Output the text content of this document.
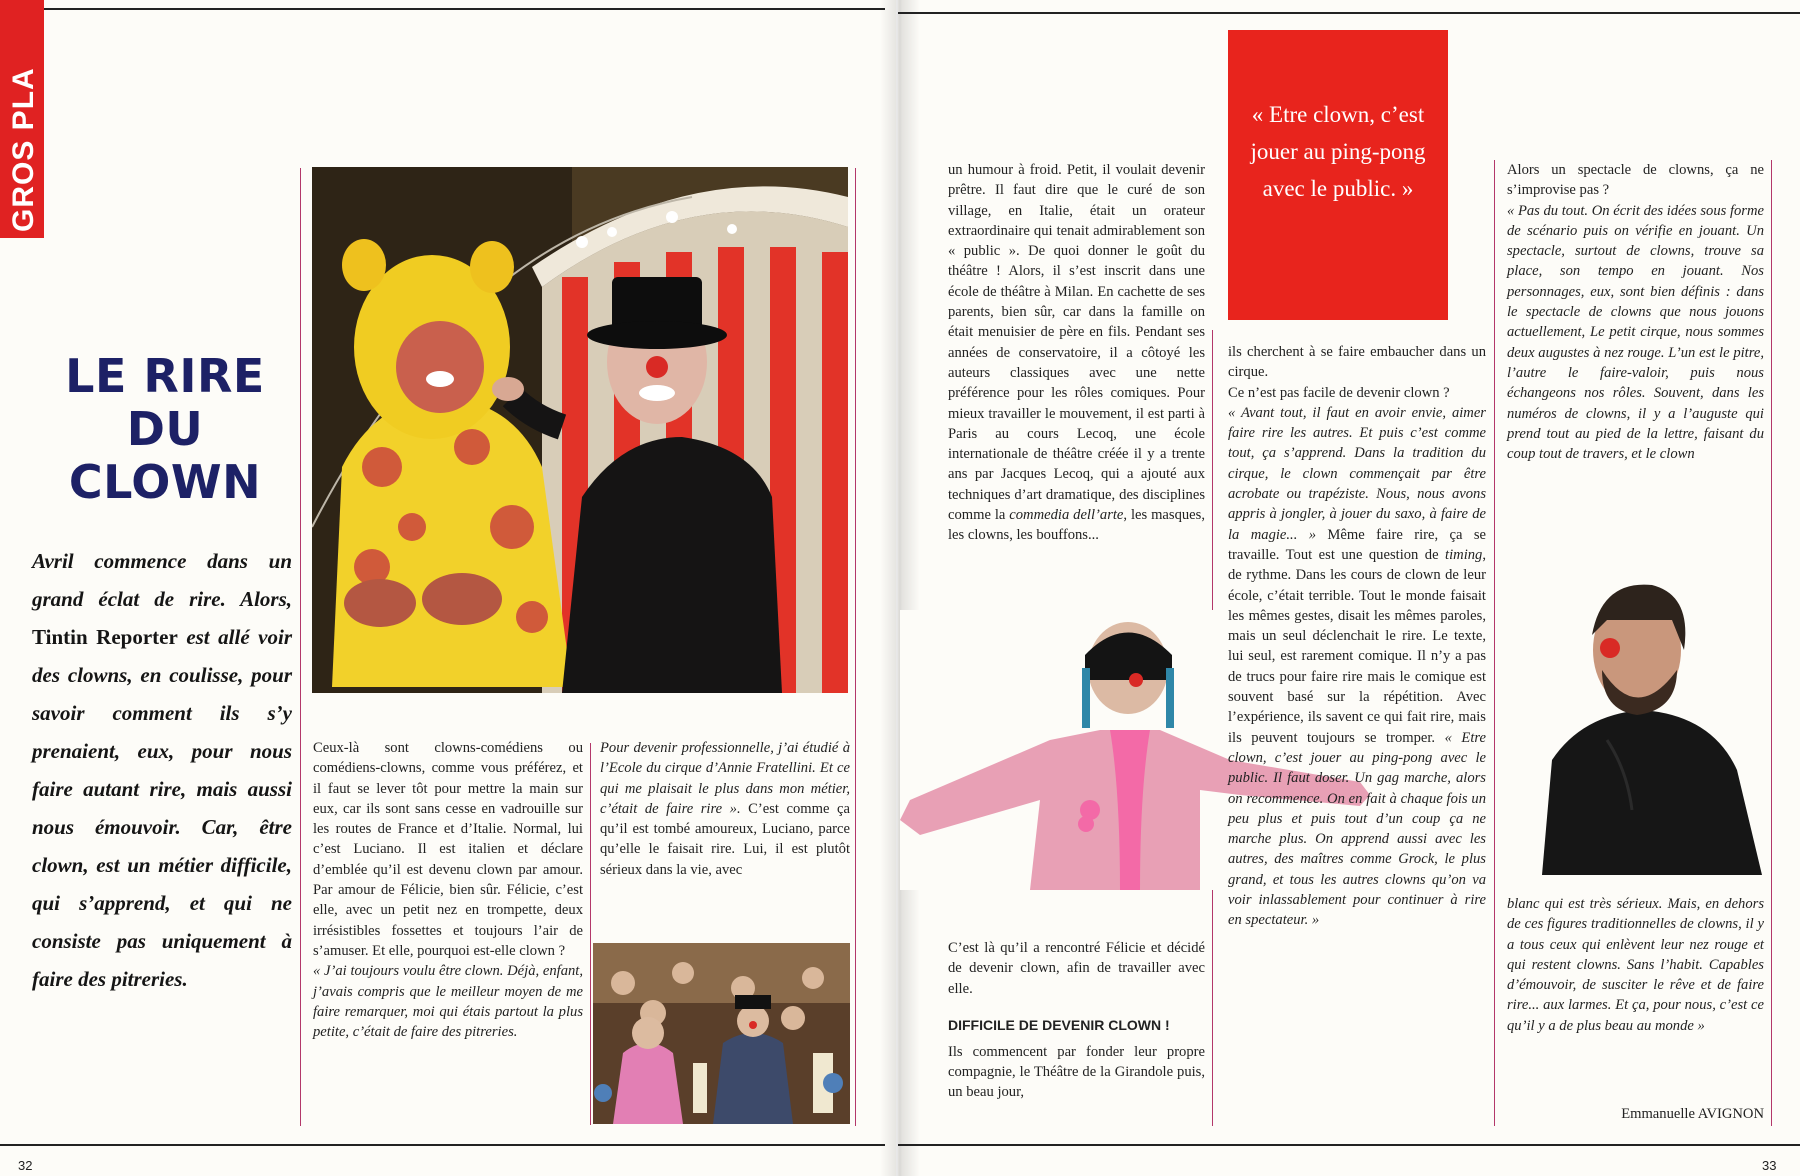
GROS PLA
LE RIRE
DU
CLOWN
Avril commence dans un grand éclat de rire. Alors, Tintin Reporter est allé voir des clowns, en coulisse, pour savoir comment ils s’y prenaient, eux, pour nous faire autant rire, mais aussi nous émouvoir. Car, être clown, est un métier difficile, qui s’apprend, et qui ne consiste pas uniquement à faire des pitreries.

Ceux-là sont clowns-comédiens ou comédiens-clowns, comme vous préférez, et il faut se lever tôt pour mettre la main sur eux, car ils sont sans cesse en vadrouille sur les routes de France et d’Italie. Normal, lui c’est Luciano. Il est italien et déclare d’emblée qu’il est devenu clown par amour. Par amour de Félicie, bien sûr. Félicie, c’est elle, avec un petit nez en trompette, deux irrésistibles fossettes et toujours l’air de s’amuser. Et elle, pourquoi est-elle clown ?

« J’ai toujours voulu être clown. Déjà, enfant, j’avais compris que le meilleur moyen de me faire remarquer, moi qui étais partout la plus petite, c’était de faire des pitreries.

Pour devenir professionnelle, j’ai étudié à l’Ecole du cirque d’Annie Fratellini. Et ce qui me plaisait le plus dans mon métier, c’était de faire rire ». C’est comme ça qu’il est tombé amoureux, Luciano, parce qu’elle le faisait rire. Lui, il est plutôt sérieux dans la vie, avec

un humour à froid. Petit, il voulait devenir prêtre. Il faut dire que le curé de son village, en Italie, était un orateur extraordinaire qui tenait admirablement son « public ». De quoi donner le goût du théâtre ! Alors, il s’est inscrit dans une école de théâtre à Milan. En cachette de ses parents, bien sûr, car dans la famille on était menuisier de père en fils. Pendant ses années de conservatoire, il a côtoyé les auteurs classiques avec une nette préférence pour les rôles comiques. Pour mieux travailler le mouvement, il est parti à Paris au cours Lecoq, une école internationale de théâtre créée il y a trente ans par Jacques Lecoq, qui a ajouté aux techniques d’art dramatique, des disciplines comme la commedia dell’arte, les masques, les clowns, les bouffons...

C’est là qu’il a rencontré Félicie et décidé de devenir clown, afin de travailler avec elle.

DIFFICILE DE DEVENIR CLOWN !

Ils commencent par fonder leur propre compagnie, le Théâtre de la Girandole puis, un beau jour,

« Etre clown, c’est jouer au ping-pong avec le public. »

ils cherchent à se faire embaucher dans un cirque.

Ce n’est pas facile de devenir clown ?

« Avant tout, il faut en avoir envie, aimer faire rire les autres. Et puis c’est comme tout, ça s’apprend. Dans la tradition du cirque, le clown commençait par être acrobate ou trapéziste. Nous, nous avons appris à jongler, à jouer du saxo, à faire de la magie... » Même faire rire, ça se travaille. Tout est une question de timing, de rythme. Dans les cours de clown de leur école, c’était terrible. Tout le monde faisait les mêmes gestes, disait les mêmes paroles, mais un seul déclenchait le rire. Le texte, lui seul, est rarement comique. Il n’y a pas de trucs pour faire rire mais le comique est souvent basé sur la répétition. Avec l’expérience, ils savent ce qui fait rire, mais ils peuvent toujours se tromper. « Etre clown, c’est jouer au ping-pong avec le public. Il faut doser. Un gag marche, alors on recommence. On en fait à chaque fois un peu plus et puis tout d’un coup ça ne marche plus. On apprend aussi avec les autres, des maîtres comme Grock, le plus grand, et tous les autres clowns qu’on va voir inlassablement pour continuer à rire en spectateur. »

Alors un spectacle de clowns, ça ne s’improvise pas ?

« Pas du tout. On écrit des idées sous forme de scénario puis on vérifie en jouant. Un spectacle, surtout de clowns, trouve sa place, son tempo en jouant. Nos personnages, eux, sont bien définis : dans le spectacle de clowns que nous jouons actuellement, Le petit cirque, nous sommes deux augustes à nez rouge. L’un est le pitre, l’autre le faire-valoir, puis nous échangeons nos rôles. Souvent, dans les numéros de clowns, il y a l’auguste qui prend tout au pied de la lettre, faisant du coup tout de travers, et le clown

blanc qui est très sérieux. Mais, en dehors de ces figures traditionnelles de clowns, il y a tous ceux qui enlèvent leur nez rouge et qui restent clowns. Sans l’habit. Capables d’émouvoir, de susciter le rêve et de faire rire... aux larmes. Et ça, pour nous, c’est ce qu’il y a de plus beau au monde »

Emmanuelle AVIGNON
32	33
